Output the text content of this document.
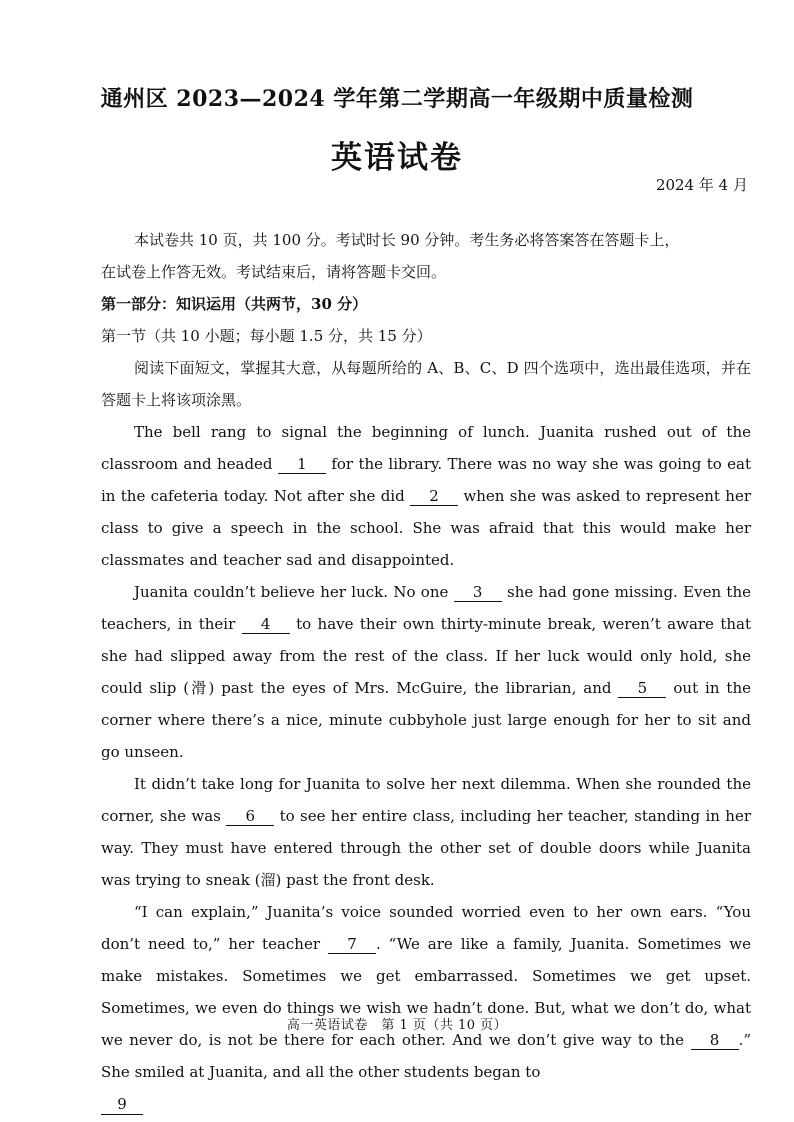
通州区 2023—2024 学年第二学期高一年级期中质量检测
英语试卷
2024 年 4 月

本试卷共 10 页，共 100 分。考试时长 90 分钟。考生务必将答案答在答题卡上，
在试卷上作答无效。考试结束后，请将答题卡交回。

第一部分：知识运用（共两节，30 分）

第一节（共 10 小题；每小题 1.5 分，共 15 分）

阅读下面短文，掌握其大意，从每题所给的 A、B、C、D 四个选项中，选出最佳选项，并在答题卡上将该项涂黑。

The bell rang to signal the beginning of lunch. Juanita rushed out of the classroom and headed 1 for the library. There was no way she was going to eat in the cafeteria today. Not after she did 2 when she was asked to represent her class to give a speech in the school. She was afraid that this would make her classmates and teacher sad and disappointed.

Juanita couldn’t believe her luck. No one 3 she had gone missing. Even the teachers, in their 4 to have their own thirty-minute break, weren’t aware that she had slipped away from the rest of the class. If her luck would only hold, she could slip (滑) past the eyes of Mrs. McGuire, the librarian, and 5 out in the corner where there’s a nice, minute cubbyhole just large enough for her to sit and go unseen.

It didn’t take long for Juanita to solve her next dilemma. When she rounded the corner, she was 6 to see her entire class, including her teacher, standing in her way. They must have entered through the other set of double doors while Juanita was trying to sneak (溜) past the front desk.

“I can explain,” Juanita’s voice sounded worried even to her own ears. “You don’t need to,” her teacher 7 . “We are like a family, Juanita. Sometimes we make mistakes. Sometimes we get embarrassed. Sometimes we get upset. Sometimes, we even do things we wish we hadn’t done. But, what we don’t do, what we never do, is not be there for each other. And we don’t give way to the 8 .” She smiled at Juanita, and all the other students began to

9

高一英语试卷　第 1 页（共 10 页）
